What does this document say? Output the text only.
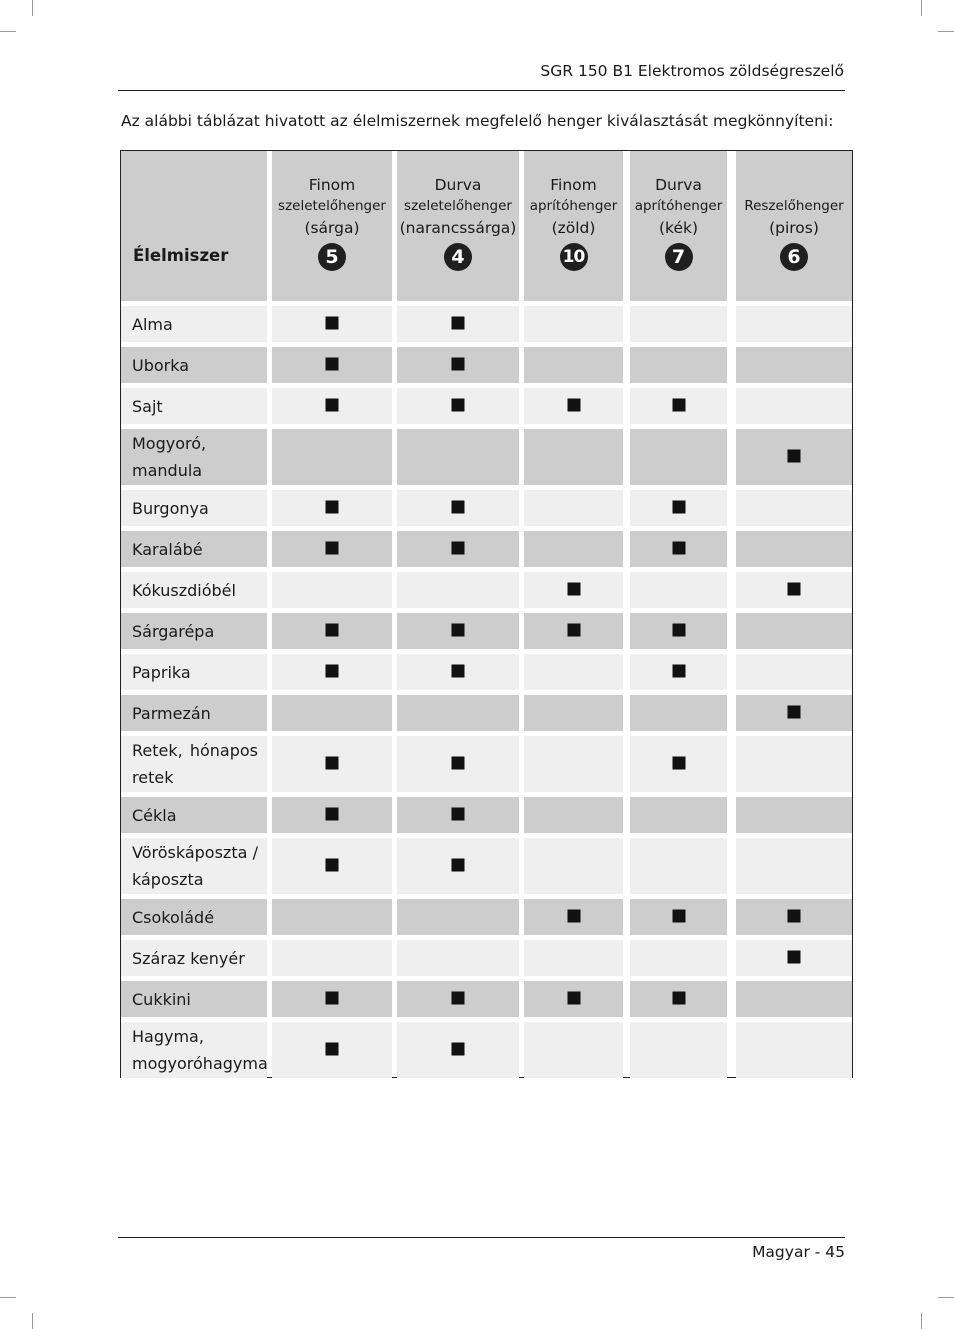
SGR 150 B1 Elektromos zöldségreszelő
Az alábbi táblázat hivatott az élelmiszernek megfelelő henger kiválasztását megkönnyíteni:
Élelmiszer
Finom
szeletelőhenger
(sárga)
5
Durva
szeletelőhenger
(narancssárga)
4
Finom
aprítóhenger
(zöld)
10
Durva
aprítóhenger
(kék)
7
Reszelőhenger
(piros)
6
Alma
Uborka
Sajt
Mogyoró,
mandula
Burgonya
Karalábé
Kókuszdióbél
Sárgarépa
Paprika
Parmezán
Retek, hónapos
retek
Cékla
Vöröskáposzta /
káposzta
Csokoládé
Száraz kenyér
Cukkini
Hagyma,
mogyoróhagyma
Magyar - 45
